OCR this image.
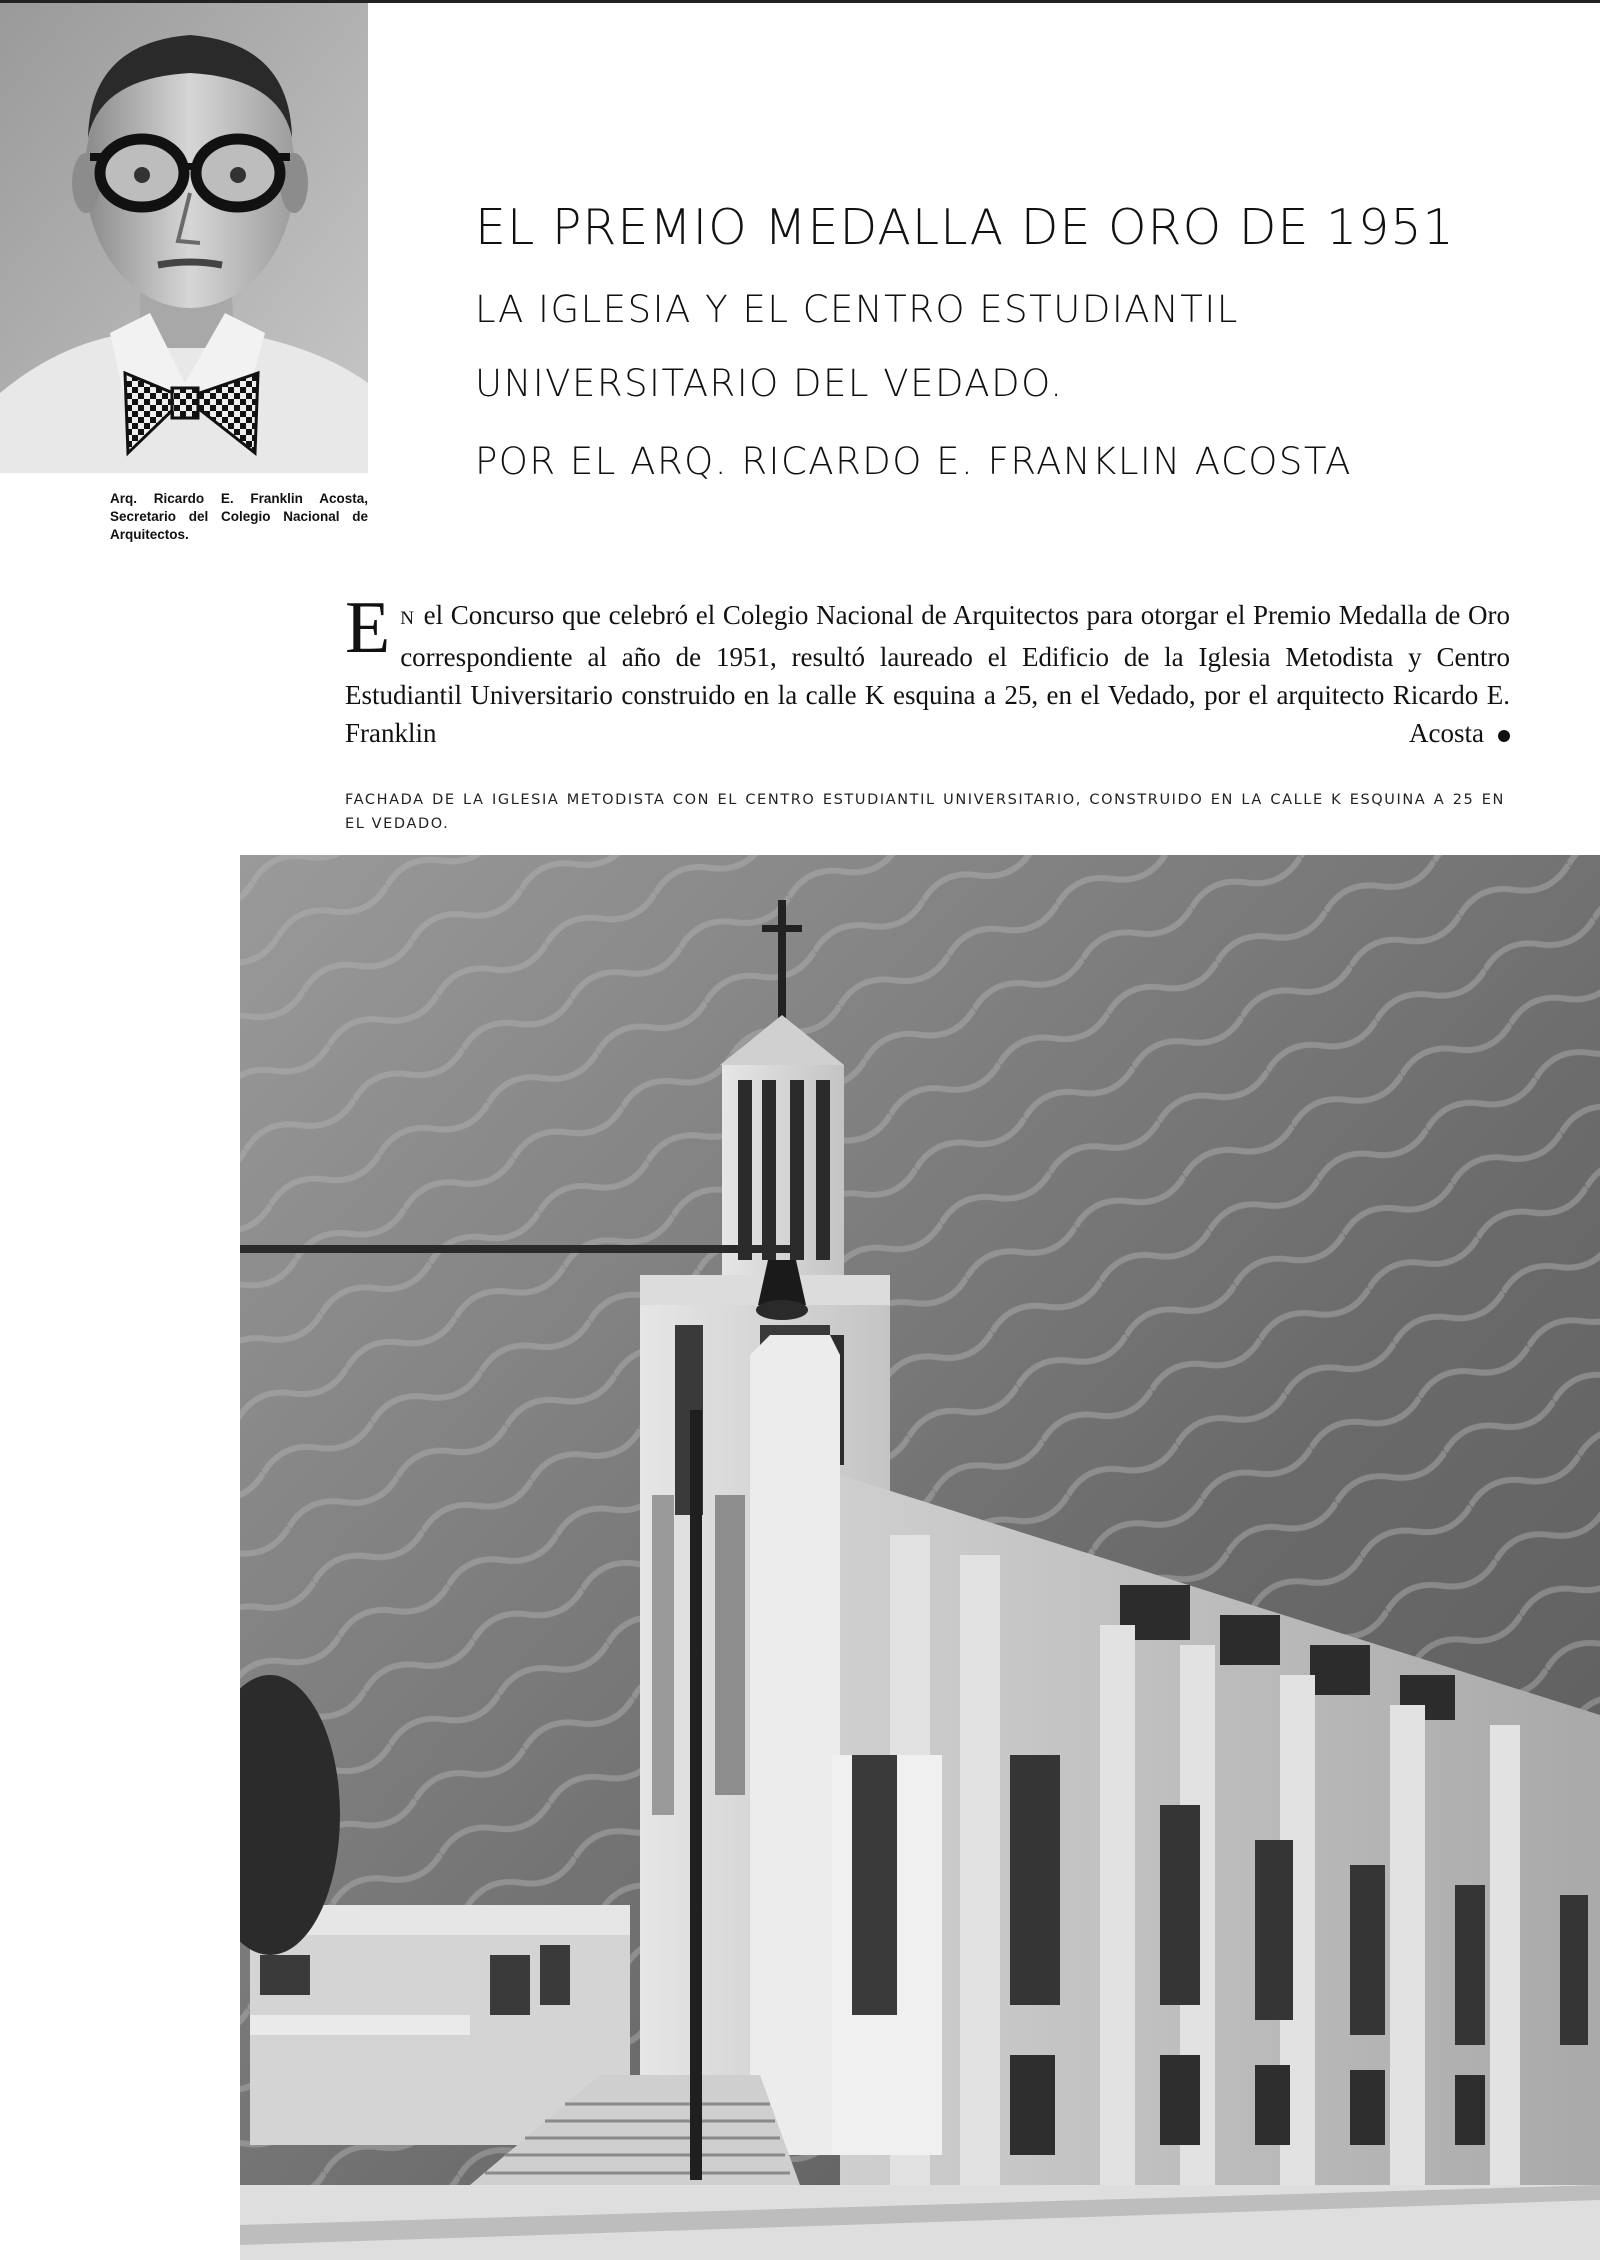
Arq. Ricardo E. Franklin Acosta, Secretario del Colegio Nacional de Arquitectos.
EL PREMIO MEDALLA DE ORO DE 1951
LA IGLESIA Y EL CENTRO ESTUDIANTIL
UNIVERSITARIO DEL VEDADO.
POR EL ARQ. RICARDO E. FRANKLIN ACOSTA
E N el Concurso que celebró el Colegio Nacional de Arquitectos para otorgar el Premio Medalla de Oro correspondiente al año de 1951, resultó laureado el Edificio de la Iglesia Metodista y Centro Estudiantil Universitario construido en la calle K esquina a 25, en el Vedado, por el arquitecto Ricardo E. Franklin Acosta
FACHADA DE LA IGLESIA METODISTA CON EL CENTRO ESTUDIANTIL UNIVERSITARIO, CONSTRUIDO EN LA CALLE K ESQUINA A 25 EN EL VEDADO.
